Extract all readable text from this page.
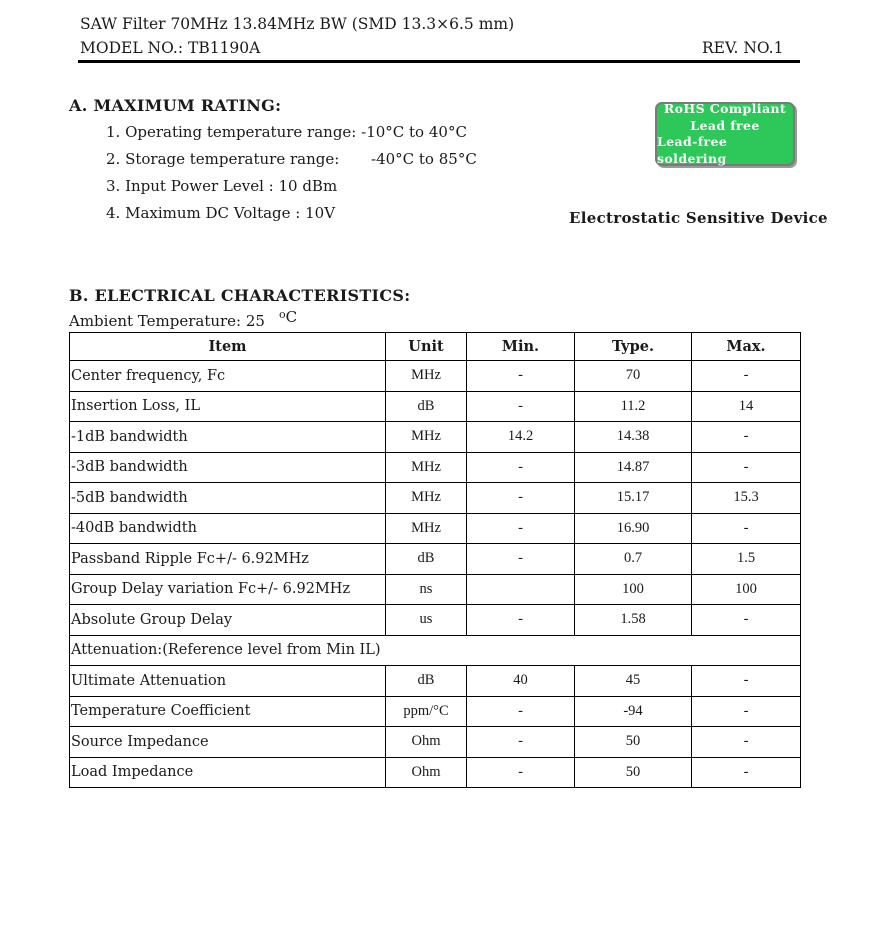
SAW Filter 70MHz 13.84MHz BW (SMD 13.3×6.5 mm)
MODEL NO.: TB1190A	REV. NO.1
A. MAXIMUM RATING:
1. Operating temperature range: -10°C to 40°C
2. Storage temperature range: -40°C to 85°C
3. Input Power Level : 10 dBm
4. Maximum DC Voltage : 10V
RoHS Compliant
Lead free
Lead-free soldering
Electrostatic Sensitive Device
B. ELECTRICAL CHARACTERISTICS:
Ambient Temperature: 25 $^o$C
Item	Unit	Min.	Type.	Max.
Center frequency, Fc	MHz	-	70	-
Insertion Loss, IL	dB	-	11.2	14
-1dB bandwidth	MHz	14.2	14.38	-
-3dB bandwidth	MHz	-	14.87	-
-5dB bandwidth	MHz	-	15.17	15.3
-40dB bandwidth	MHz	-	16.90	-
Passband Ripple Fc+/- 6.92MHz	dB	-	0.7	1.5
Group Delay variation Fc+/- 6.92MHz	ns		100	100
Absolute Group Delay	us	-	1.58	-
Attenuation:(Reference level from Min IL)				
Ultimate Attenuation	dB	40	45	-
Temperature Coefficient	ppm/°C	-	-94	-
Source Impedance	Ohm	-	50	-
Load Impedance	Ohm	-	50	-
